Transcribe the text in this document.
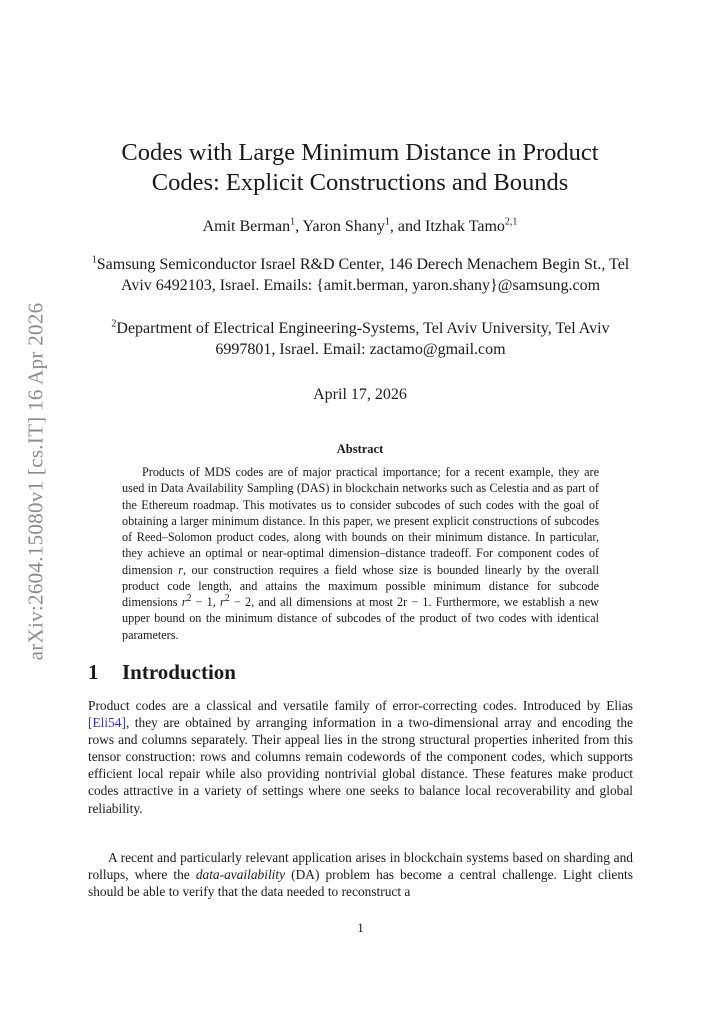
arXiv:2604.15080v1 [cs.IT] 16 Apr 2026
Codes with Large Minimum Distance in Product Codes: Explicit Constructions and Bounds
Amit Berman$^1$, Yaron Shany$^1$, and Itzhak Tamo$^{2,1}$
$^1$Samsung Semiconductor Israel R&D Center, 146 Derech Menachem Begin St., Tel Aviv 6492103, Israel. Emails: {amit.berman, yaron.shany}@samsung.com
$^2$Department of Electrical Engineering-Systems, Tel Aviv University, Tel Aviv 6997801, Israel. Email: zactamo@gmail.com
April 17, 2026
Abstract

Products of MDS codes are of major practical importance; for a recent example, they are used in Data Availability Sampling (DAS) in blockchain networks such as Celestia and as part of the Ethereum roadmap. This motivates us to consider subcodes of such codes with the goal of obtaining a larger minimum distance. In this paper, we present explicit constructions of subcodes of Reed–Solomon product codes, along with bounds on their minimum distance. In particular, they achieve an optimal or near-optimal dimension–distance tradeoff. For component codes of dimension r, our construction requires a field whose size is bounded linearly by the overall product code length, and attains the maximum possible minimum distance for subcode dimensions $r^2 - 1$, $r^2 - 2$, and all dimensions at most 2r − 1. Furthermore, we establish a new upper bound on the minimum distance of subcodes of the product of two codes with identical parameters.

1 Introduction

Product codes are a classical and versatile family of error-correcting codes. Introduced by Elias [Eli54], they are obtained by arranging information in a two-dimensional array and encoding the rows and columns separately. Their appeal lies in the strong structural properties inherited from this tensor construction: rows and columns remain codewords of the component codes, which supports efficient local repair while also providing nontrivial global distance. These features make product codes attractive in a variety of settings where one seeks to balance local recoverability and global reliability.

A recent and particularly relevant application arises in blockchain systems based on sharding and rollups, where the data-availability (DA) problem has become a central challenge. Light clients should be able to verify that the data needed to reconstruct a

1
